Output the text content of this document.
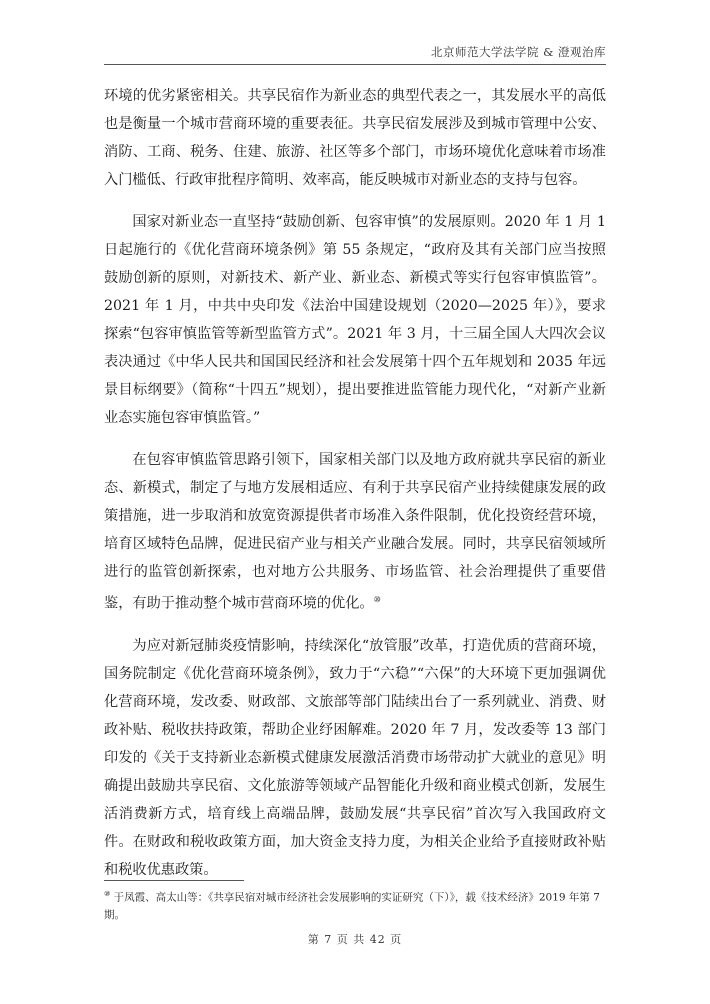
北京师范大学法学院 & 澄观治库

环境的优劣紧密相关。共享民宿作为新业态的典型代表之一，其发展水平的高低也是衡量一个城市营商环境的重要表征。共享民宿发展涉及到城市管理中公安、消防、工商、税务、住建、旅游、社区等多个部门，市场环境优化意味着市场准入门槛低、行政审批程序简明、效率高，能反映城市对新业态的支持与包容。

国家对新业态一直坚持“鼓励创新、包容审慎”的发展原则。2020 年 1 月 1 日起施行的《优化营商环境条例》第 55 条规定，“政府及其有关部门应当按照鼓励创新的原则，对新技术、新产业、新业态、新模式等实行包容审慎监管”。2021 年 1 月，中共中央印发《法治中国建设规划（2020—2025 年）》，要求探索“包容审慎监管等新型监管方式”。2021 年 3 月，十三届全国人大四次会议表决通过《中华人民共和国国民经济和社会发展第十四个五年规划和 2035 年远景目标纲要》（简称“十四五”规划），提出要推进监管能力现代化，“对新产业新业态实施包容审慎监管。”

在包容审慎监管思路引领下，国家相关部门以及地方政府就共享民宿的新业态、新模式，制定了与地方发展相适应、有利于共享民宿产业持续健康发展的政策措施，进一步取消和放宽资源提供者市场准入条件限制，优化投资经营环境，培育区域特色品牌，促进民宿产业与相关产业融合发展。同时，共享民宿领域所进行的监管创新探索，也对地方公共服务、市场监管、社会治理提供了重要借鉴，有助于推动整个城市营商环境的优化。⑩

为应对新冠肺炎疫情影响，持续深化“放管服”改革，打造优质的营商环境，国务院制定《优化营商环境条例》，致力于“六稳”“六保”的大环境下更加强调优化营商环境，发改委、财政部、文旅部等部门陆续出台了一系列就业、消费、财政补贴、税收扶持政策，帮助企业纾困解难。2020 年 7 月，发改委等 13 部门印发的《关于支持新业态新模式健康发展激活消费市场带动扩大就业的意见》明确提出鼓励共享民宿、文化旅游等领域产品智能化升级和商业模式创新，发展生活消费新方式，培育线上高端品牌，鼓励发展“共享民宿”首次写入我国政府文件。在财政和税收政策方面，加大资金支持力度，为相关企业给予直接财政补贴和税收优惠政策。

⑩ 于凤霞、高太山等：《共享民宿对城市经济社会发展影响的实证研究（下）》，载《技术经济》2019 年第 7 期。
第 7 页 共 42 页
